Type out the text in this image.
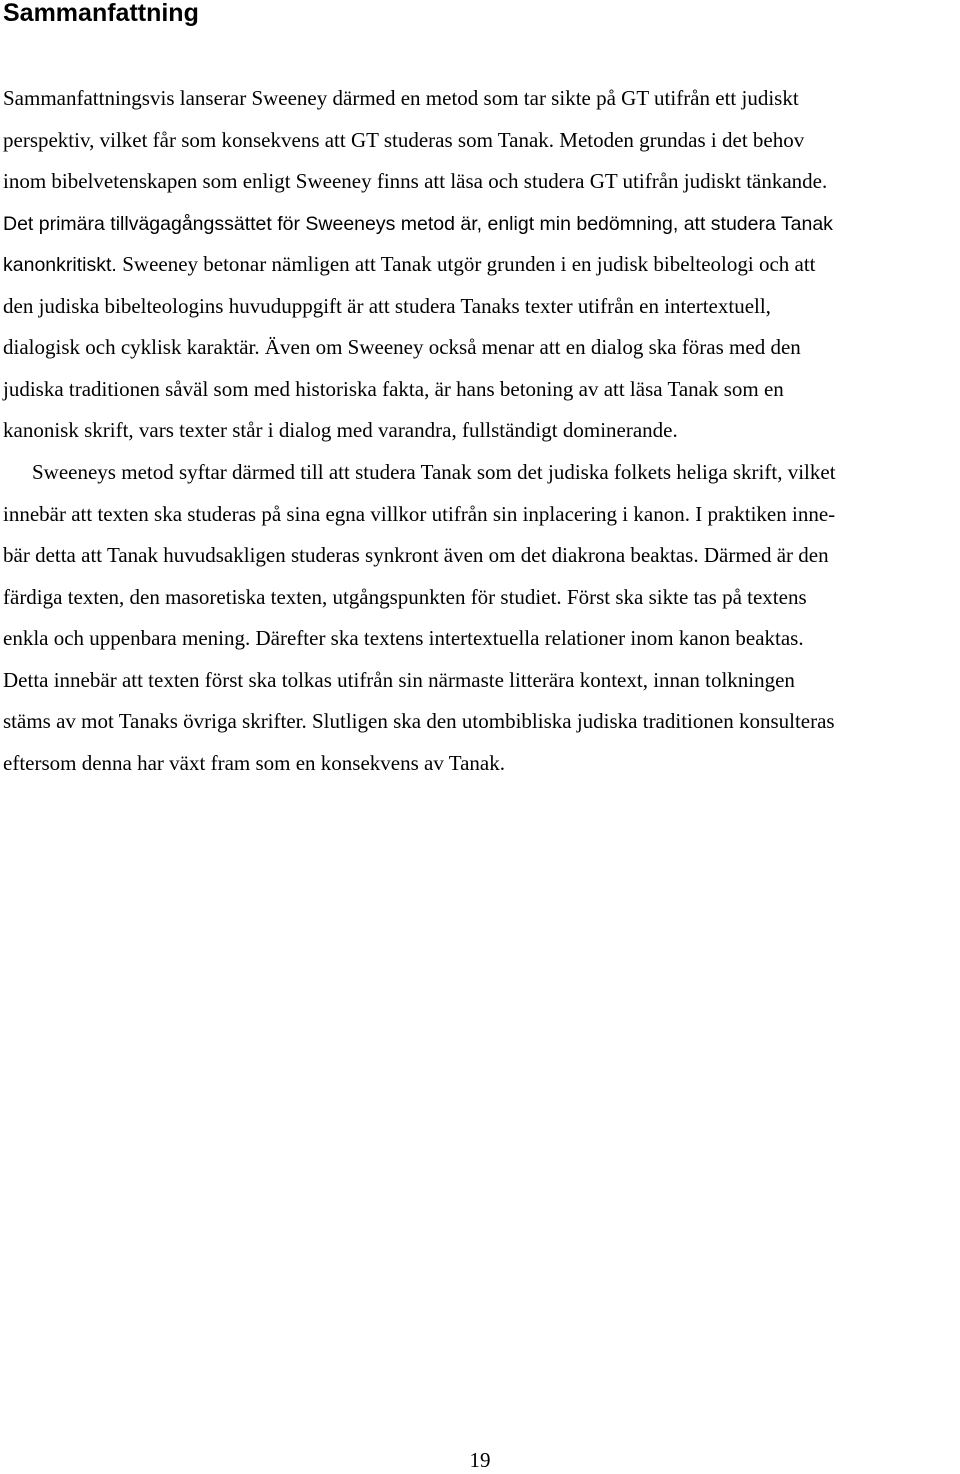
Sammanfattning
Sammanfattningsvis lanserar Sweeney därmed en metod som tar sikte på GT utifrån ett judiskt
perspektiv, vilket får som konsekvens att GT studeras som Tanak. Metoden grundas i det behov
inom bibelvetenskapen som enligt Sweeney finns att läsa och studera GT utifrån judiskt tänkande.
Det primära tillvägagångssättet för Sweeneys metod är, enligt min bedömning, att studera Tanak
kanonkritiskt. Sweeney betonar nämligen att Tanak utgör grunden i en judisk bibelteologi och att
den judiska bibelteologins huvuduppgift är att studera Tanaks texter utifrån en intertextuell,
dialogisk och cyklisk karaktär. Även om Sweeney också menar att en dialog ska föras med den
judiska traditionen såväl som med historiska fakta, är hans betoning av att läsa Tanak som en
kanonisk skrift, vars texter står i dialog med varandra, fullständigt dominerande.
Sweeneys metod syftar därmed till att studera Tanak som det judiska folkets heliga skrift, vilket
innebär att texten ska studeras på sina egna villkor utifrån sin inplacering i kanon. I praktiken inne-
bär detta att Tanak huvudsakligen studeras synkront även om det diakrona beaktas. Därmed är den
färdiga texten, den masoretiska texten, utgångspunkten för studiet. Först ska sikte tas på textens
enkla och uppenbara mening. Därefter ska textens intertextuella relationer inom kanon beaktas.
Detta innebär att texten först ska tolkas utifrån sin närmaste litterära kontext, innan tolkningen
stäms av mot Tanaks övriga skrifter. Slutligen ska den utombibliska judiska traditionen konsulteras
eftersom denna har växt fram som en konsekvens av Tanak.
19
